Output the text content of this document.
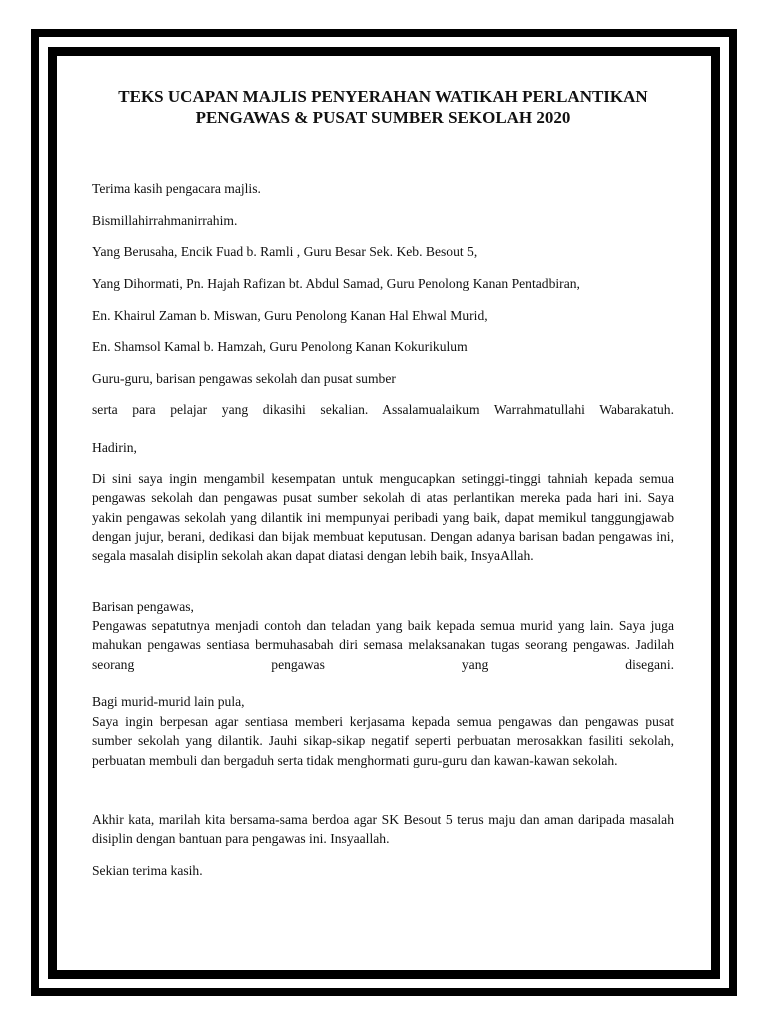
TEKS UCAPAN MAJLIS PENYERAHAN WATIKAH PERLANTIKAN
PENGAWAS & PUSAT SUMBER SEKOLAH 2020

Terima kasih pengacara majlis.

Bismillahirrahmanirrahim.

Yang Berusaha, Encik Fuad b. Ramli , Guru Besar Sek. Keb. Besout 5,

Yang Dihormati, Pn. Hajah Rafizan bt. Abdul Samad, Guru Penolong Kanan Pentadbiran,

En. Khairul Zaman b. Miswan, Guru Penolong Kanan Hal Ehwal Murid,

En. Shamsol Kamal b. Hamzah, Guru Penolong Kanan Kokurikulum

Guru-guru, barisan pengawas sekolah dan pusat sumber

serta para pelajar yang dikasihi sekalian. Assalamualaikum Warrahmatullahi Wabarakatuh.

Hadirin,

Di sini saya ingin mengambil kesempatan untuk mengucapkan setinggi-tinggi tahniah kepada semua pengawas sekolah dan pengawas pusat sumber sekolah di atas perlantikan mereka pada hari ini. Saya yakin pengawas sekolah yang dilantik ini mempunyai peribadi yang baik, dapat memikul tanggungjawab dengan jujur, berani, dedikasi dan bijak membuat keputusan. Dengan adanya barisan badan pengawas ini, segala masalah disiplin sekolah akan dapat diatasi dengan lebih baik, InsyaAllah.

Barisan pengawas,

Pengawas sepatutnya menjadi contoh dan teladan yang baik kepada semua murid yang lain. Saya juga mahukan pengawas sentiasa bermuhasabah diri semasa melaksanakan tugas seorang pengawas. Jadilah seorang pengawas yang disegani.

Bagi murid-murid lain pula,

Saya ingin berpesan agar sentiasa memberi kerjasama kepada semua pengawas dan pengawas pusat sumber sekolah yang dilantik. Jauhi sikap-sikap negatif seperti perbuatan merosakkan fasiliti sekolah, perbuatan membuli dan bergaduh serta tidak menghormati guru-guru dan kawan-kawan sekolah.

Akhir kata, marilah kita bersama-sama berdoa agar SK Besout 5 terus maju dan aman daripada masalah disiplin dengan bantuan para pengawas ini. Insyaallah.

Sekian terima kasih.
